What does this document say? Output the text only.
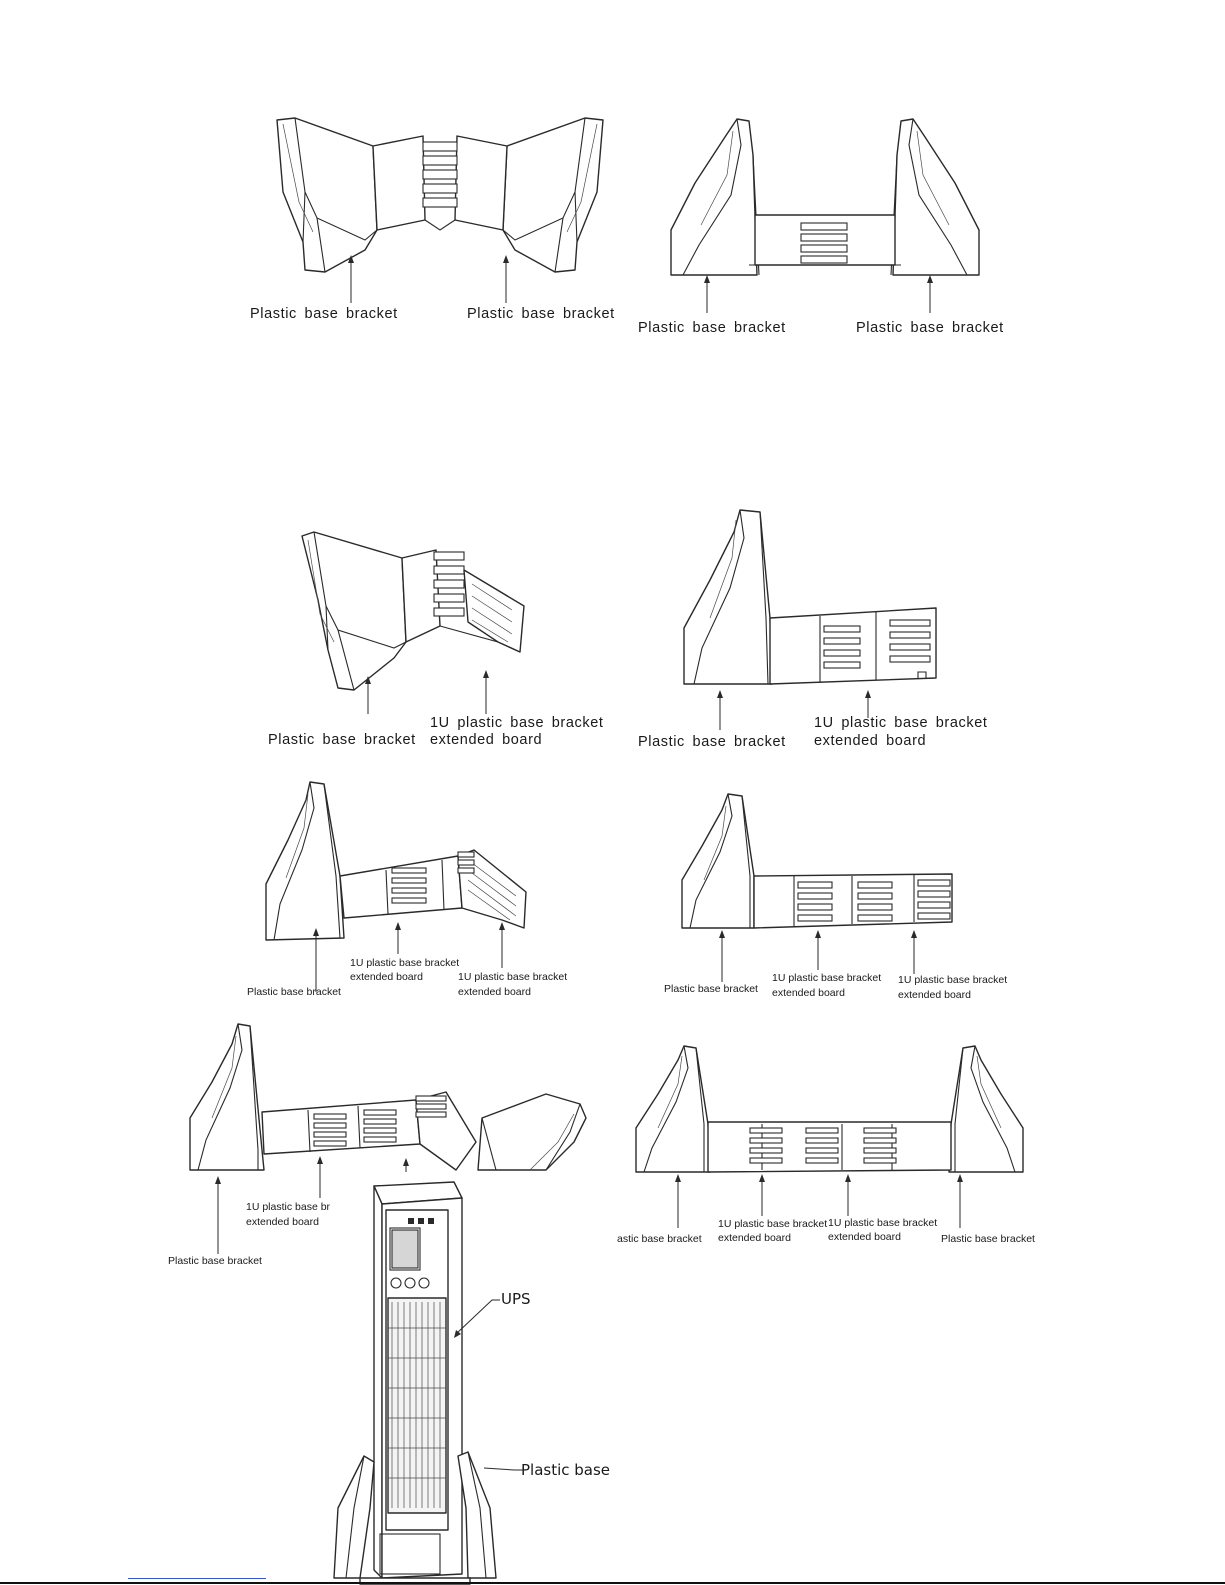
Plastic base bracket	Plastic base bracket
Plastic base bracket	Plastic base bracket
Plastic base bracket
1U plastic base bracket
extended board	Plastic base bracket
1U plastic base bracket
extended board
Plastic base bracket
1U plastic base bracket
extended board	1U plastic base bracket
extended board	Plastic base bracket
1U plastic base bracket
extended board
1U plastic base bracket
extended board
1U plastic base br
extended board
Plastic base bracket
UPS
Plastic base
astic base bracket
1U plastic base bracket
extended board
1U plastic base bracket
extended board	Plastic base bracket
